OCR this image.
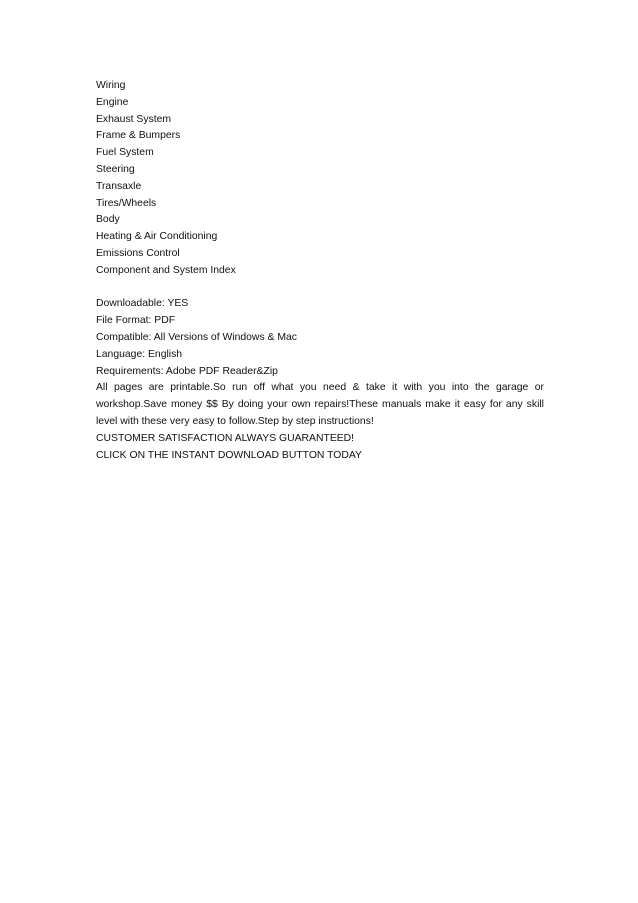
Wiring
Engine
Exhaust System
Frame & Bumpers
Fuel System
Steering
Transaxle
Tires/Wheels
Body
Heating & Air Conditioning
Emissions Control
Component and System Index
Downloadable: YES
File Format: PDF
Compatible: All Versions of Windows & Mac
Language: English
Requirements: Adobe PDF Reader&Zip
All pages are printable.So run off what you need & take it with you into the garage or workshop.Save money $$ By doing your own repairs!These manuals make it easy for any skill level with these very easy to follow.Step by step instructions!
CUSTOMER SATISFACTION ALWAYS GUARANTEED!
CLICK ON THE INSTANT DOWNLOAD BUTTON TODAY
